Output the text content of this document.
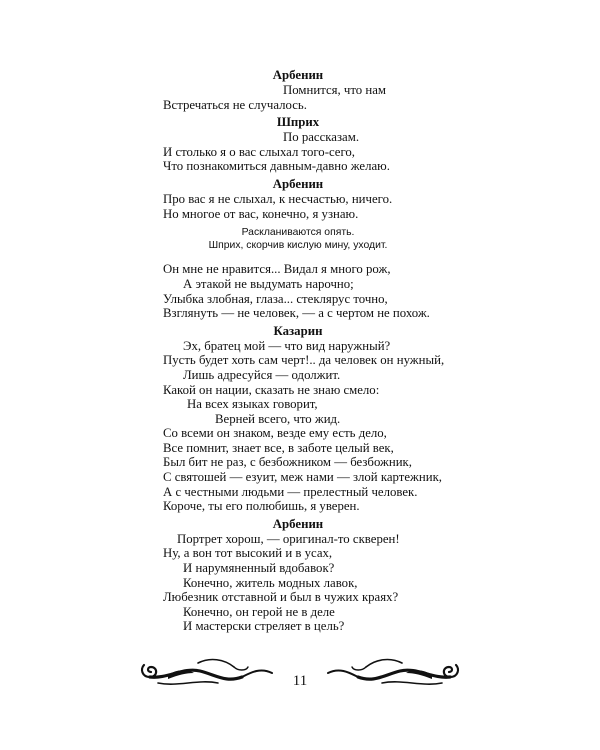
Арбенин
Помнится, что нам
Встречаться не случалось.
Шприх
По рассказам.
И столько я о вас слыхал того-сего,
Что познакомиться давным-давно желаю.
Арбенин
Про вас я не слыхал, к несчастью, ничего.
Но многое от вас, конечно, я узнаю.
Раскланиваются опять.
Шприх, скорчив кислую мину, уходит.
Он мне не нравится... Видал я много рож,
А этакой не выдумать нарочно;
Улыбка злобная, глаза... стеклярус точно,
Взглянуть — не человек, — а с чертом не похож.
Казарин
Эх, братец мой — что вид наружный?
Пусть будет хоть сам черт!.. да человек он нужный,
Лишь адресуйся — одолжит.
Какой он нации, сказать не знаю смело:
На всех языках говорит,
Верней всего, что жид.
Со всеми он знаком, везде ему есть дело,
Все помнит, знает все, в заботе целый век,
Был бит не раз, с безбожником — безбожник,
С святошей — езуит, меж нами — злой картежник,
А с честными людьми — прелестный человек.
Короче, ты его полюбишь, я уверен.
Арбенин
Портрет хорош, — оригинал-то скверен!
Ну, а вон тот высокий и в усах,
И нарумяненный вдобавок?
Конечно, житель модных лавок,
Любезник отставной и был в чужих краях?
Конечно, он герой не в деле
И мастерски стреляет в цель?
11
